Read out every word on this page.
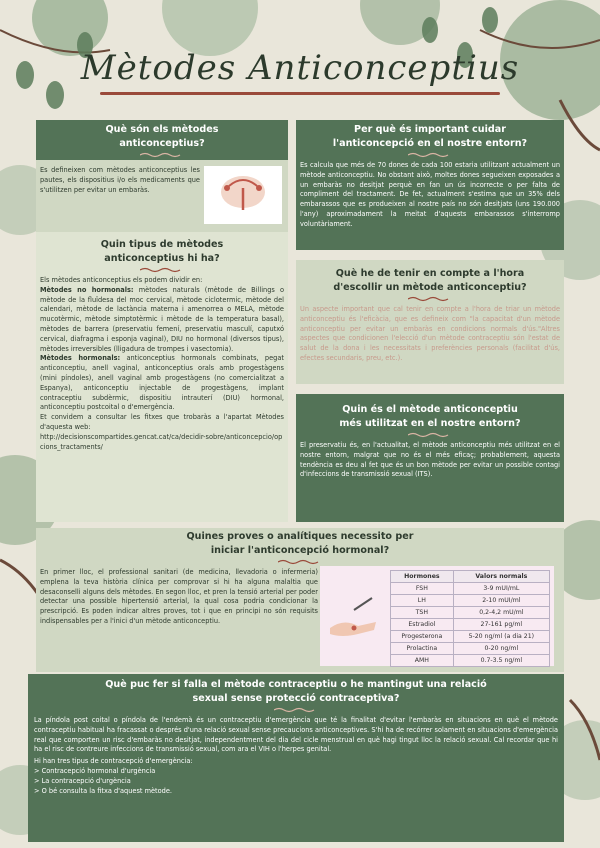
Mètodes Anticonceptius
Què són els mètodes anticonceptius?
Es defineixen com mètodes anticonceptius les pautes, els dispositius i/o els medicaments que s'utilitzen per evitar un embaràs.
Quin tipus de mètodes anticonceptius hi ha?
Els mètodes anticonceptius els podem dividir en:
Mètodes no hormonals: mètodes naturals (mètode de Billings o mètode de la fluïdesa del moc cervical, mètode ciclotermic, mètode del calendari, mètode de lactància materna i amenorrea o MELA, mètode mucotèrmic, mètode simptotèrmic i mètode de la temperatura basal), mètodes de barrera (preservatiu femení, preservatiu masculí, caputxó cervical, diafragma i esponja vaginal), DIU no hormonal (diversos tipus), mètodes irreversibles (lligadura de trompes i vasectomia).
Mètodes hormonals: anticonceptius hormonals combinats, pegat anticonceptiu, anell vaginal, anticonceptius orals amb progestàgens (mini píndoles), anell vaginal amb progestàgens (no comercialitzat a Espanya), anticonceptiu injectable de progestàgens, implant contraceptiu subdèrmic, dispositiu intrauterí (DIU) hormonal, anticonceptiu postcoital o d'emergència.
Et convidem a consultar les fitxes que trobaràs a l'apartat Mètodes d'aquesta web:
http://decisionscompartides.gencat.cat/ca/decidir-sobre/anticoncepcio/opcions_tractaments/
Per què és important cuidar l'anticoncepció en el nostre entorn?
Es calcula que més de 70 dones de cada 100 estaria utilitzant actualment un mètode anticonceptiu. No obstant això, moltes dones segueixen exposades a un embaràs no desitjat perquè en fan un ús incorrecte o per falta de compliment del tractament. De fet, actualment s'estima que un 35% dels embarassos que es produeixen al nostre país no són desitjats (uns 190.000 l'any) aproximadament la meitat d'aquests embarassos s'interromp voluntàriament.
Què he de tenir en compte a l'hora d'escollir un mètode anticonceptiu?
Un aspecte important que cal tenir en compte a l'hora de triar un mètode anticonceptiu és l'eficàcia, que es defineix com "la capacitat d'un mètode anticonceptiu per evitar un embaràs en condicions normals d'ús."Altres aspectes que condicionen l'elecció d'un mètode contraceptiu són l'estat de salut de la dona i les necessitats i preferències personals (facilitat d'ús, efectes secundaris, preu, etc.).
Quin és el mètode anticonceptiu més utilitzat en el nostre entorn?
El preservatiu és, en l'actualitat, el mètode anticonceptiu més utilitzat en el nostre entorn, malgrat que no és el més eficaç; probablement, aquesta tendència es deu al fet que és un bon mètode per evitar un possible contagi d'infeccions de transmissió sexual (ITS).
Quines proves o analítiques necessito per iniciar l'anticoncepció hormonal?
En primer lloc, el professional sanitari (de medicina, llevadoria o infermeria) emplena la teva història clínica per comprovar si hi ha alguna malaltia que desaconselli alguns dels mètodes. En segon lloc, et pren la tensió arterial per poder detectar una possible hipertensió arterial, la qual cosa podria condicionar la prescripció. Es poden indicar altres proves, tot i que en principi no són requisits indispensables per a l'inici d'un mètode anticonceptiu.
Hormones	Valors normals
FSH	3-9 mUI/mL
LH	2-10 mUI/ml
TSH	0,2-4,2 mU/ml
Estradiol	27-161 pg/ml
Progesterona	5-20 ng/ml (a dia 21)
Prolactina	0-20 ng/ml
AMH	0.7-3.5 ng/ml
Què puc fer si falla el mètode contraceptiu o he mantingut una relació sexual sense protecció contraceptiva?
La píndola post coital o píndola de l'endemà és un contraceptiu d'emergència que té la finalitat d'evitar l'embaràs en situacions en què el mètode contraceptiu habitual ha fracassat o després d'una relació sexual sense precaucions anticonceptives. S'hi ha de recórrer solament en situacions d'emergència real que comporten un risc d'embaràs no desitjat, independentment del dia del cicle menstrual en què hagi tingut lloc la relació sexual. Cal recordar que hi ha el risc de contreure infeccions de transmissió sexual, com ara el VIH o l'herpes genital.
Hi han tres tipus de contracepció d'emergència:
> Contracepció hormonal d'urgència
> La contracepció d'urgència
> O bé consulta la fitxa d'aquest mètode.
